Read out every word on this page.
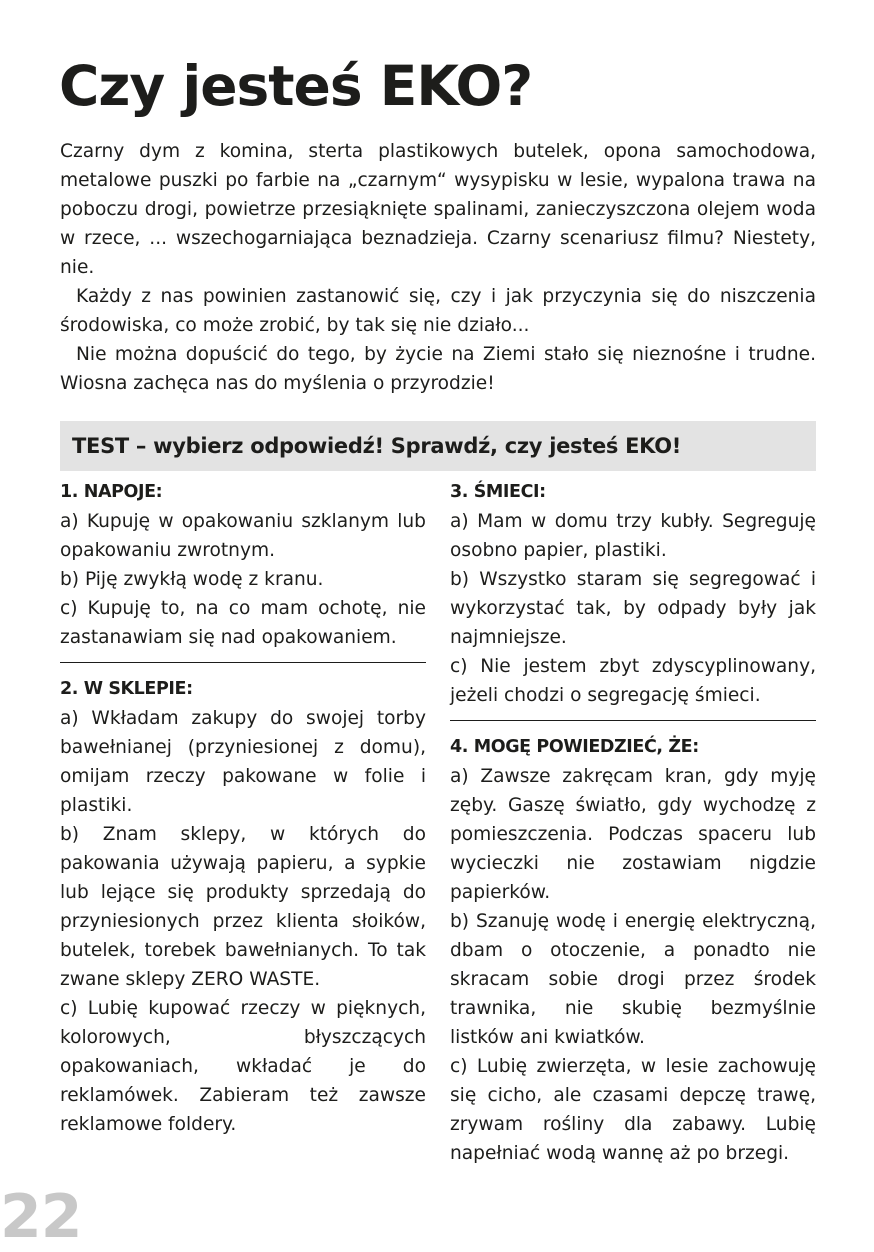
Czy jesteś EKO?

Czarny dym z komina, sterta plastikowych butelek, opona samochodowa, metalowe puszki po farbie na „czarnym“ wysypisku w lesie, wypalona trawa na poboczu drogi, powietrze przesiąknięte spalinami, zanieczyszczona olejem woda w rzece, ... wszechogarniająca beznadzieja. Czarny scenariusz filmu? Niestety, nie.

Każdy z nas powinien zastanowić się, czy i jak przyczynia się do niszczenia środowiska, co może zrobić, by tak się nie działo...

Nie można dopuścić do tego, by życie na Ziemi stało się nieznośne i trudne. Wiosna zachęca nas do myślenia o przyrodzie!

TEST – wybierz odpowiedź! Sprawdź, czy jesteś EKO!

1. NAPOJE:

a) Kupuję w opakowaniu szklanym lub opakowaniu zwrotnym.

b) Piję zwykłą wodę z kranu.

c) Kupuję to, na co mam ochotę, nie zastanawiam się nad opakowaniem.

2. W SKLEPIE:

a) Wkładam zakupy do swojej torby bawełnianej (przyniesionej z domu), omijam rzeczy pakowane w folie i plastiki.

b) Znam sklepy, w których do pakowania używają papieru, a sypkie lub lejące się produkty sprzedają do przyniesionych przez klienta słoików, butelek, torebek bawełnianych. To tak zwane sklepy ZERO WASTE.

c) Lubię kupować rzeczy w pięknych, kolorowych, błyszczących opakowaniach, wkładać je do reklamówek. Zabieram też zawsze reklamowe foldery.

3. ŚMIECI:

a) Mam w domu trzy kubły. Segreguję osobno papier, plastiki.

b) Wszystko staram się segregować i wykorzystać tak, by odpady były jak najmniejsze.

c) Nie jestem zbyt zdyscyplinowany, jeżeli chodzi o segregację śmieci.

4. MOGĘ POWIEDZIEĆ, ŻE:

a) Zawsze zakręcam kran, gdy myję zęby. Gaszę światło, gdy wychodzę z pomieszczenia. Podczas spaceru lub wycieczki nie zostawiam nigdzie papierków.

b) Szanuję wodę i energię elektryczną, dbam o otoczenie, a ponadto nie skracam sobie drogi przez środek trawnika, nie skubię bezmyślnie listków ani kwiatków.

c) Lubię zwierzęta, w lesie zachowuję się cicho, ale czasami depczę trawę, zrywam rośliny dla zabawy. Lubię napełniać wodą wannę aż po brzegi.

22
